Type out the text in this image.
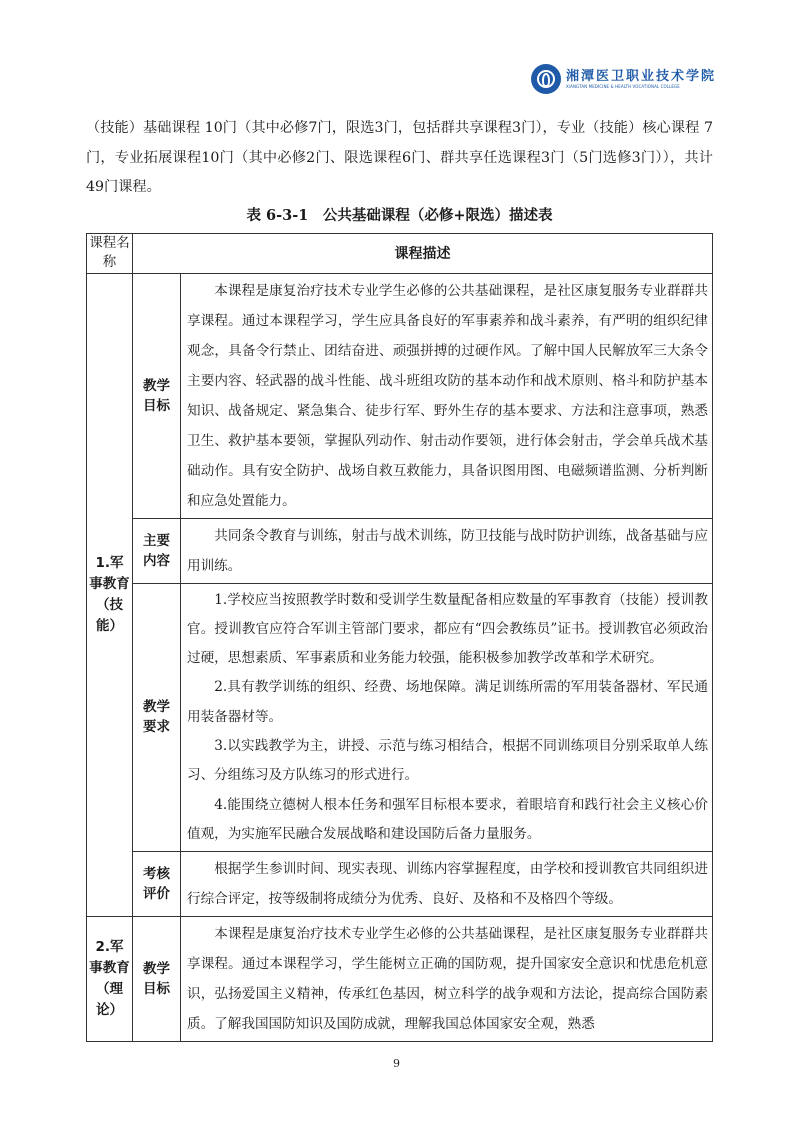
湘潭医卫职业技术学院
XIANGTAN MEDICINE & HEALTH VOCATIONAL COLLEGE

（技能）基础课程 10门（其中必修7门，限选3门，包括群共享课程3门），专业（技能）核心课程 7 门，专业拓展课程10门（其中必修2门、限选课程6门、群共享任选课程3门（5门选修3门）），共计49门课程。

表 6-3-1　公共基础课程（必修+限选）描述表
课程名称	课程描述	
1.军事教育（技能）	教学目标	本课程是康复治疗技术专业学生必修的公共基础课程，是社区康复服务专业群群共享课程。通过本课程学习，学生应具备良好的军事素养和战斗素养，有严明的组织纪律观念，具备令行禁止、团结奋进、顽强拼搏的过硬作风。了解中国人民解放军三大条令主要内容、轻武器的战斗性能、战斗班组攻防的基本动作和战术原则、格斗和防护基本知识、战备规定、紧急集合、徒步行军、野外生存的基本要求、方法和注意事项，熟悉卫生、救护基本要领，掌握队列动作、射击动作要领，进行体会射击，学会单兵战术基础动作。具有安全防护、战场自救互救能力，具备识图用图、电磁频谱监测、分析判断和应急处置能力。

	主要内容	共同条令教育与训练，射击与战术训练，防卫技能与战时防护训练，战备基础与应用训练。

	教学要求	1.学校应当按照教学时数和受训学生数量配备相应数量的军事教育（技能）授训教官。授训教官应符合军训主管部门要求，都应有“四会教练员”证书。授训教官必须政治过硬，思想素质、军事素质和业务能力较强，能积极参加教学改革和学术研究。

2.具有教学训练的组织、经费、场地保障。满足训练所需的军用装备器材、军民通用装备器材等。

3.以实践教学为主，讲授、示范与练习相结合，根据不同训练项目分别采取单人练习、分组练习及方队练习的形式进行。

4.能围绕立德树人根本任务和强军目标根本要求，着眼培育和践行社会主义核心价值观，为实施军民融合发展战略和建设国防后备力量服务。

	考核评价	根据学生参训时间、现实表现、训练内容掌握程度，由学校和授训教官共同组织进行综合评定，按等级制将成绩分为优秀、良好、及格和不及格四个等级。

2.军事教育（理论）	教学目标	本课程是康复治疗技术专业学生必修的公共基础课程，是社区康复服务专业群群共享课程。通过本课程学习，学生能树立正确的国防观，提升国家安全意识和忧患危机意识，弘扬爱国主义精神，传承红色基因，树立科学的战争观和方法论，提高综合国防素质。了解我国国防知识及国防成就，理解我国总体国家安全观，熟悉

9
